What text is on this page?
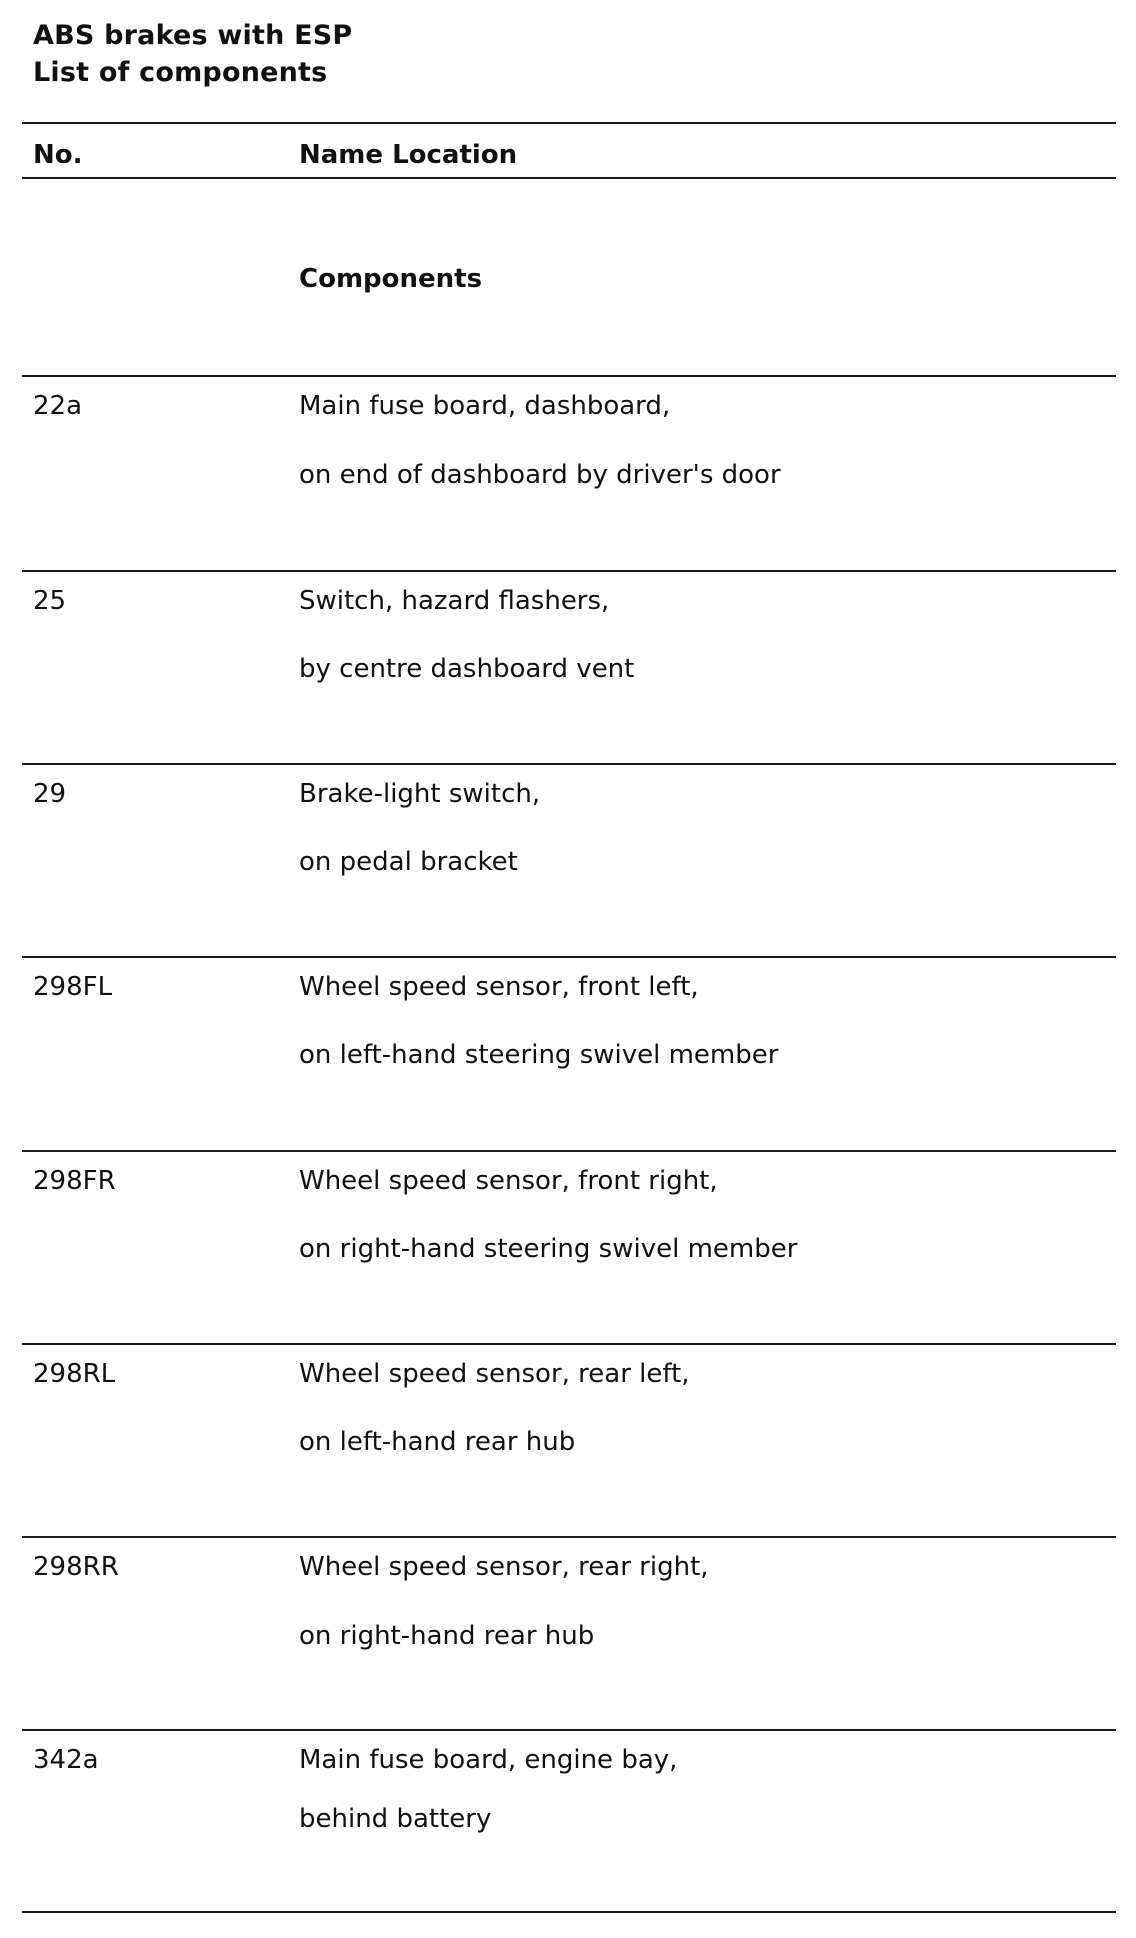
ABS brakes with ESP
List of components
No.	Name Location
Components
22a	Main fuse board, dashboard,
on end of dashboard by driver's door
25	Switch, hazard flashers,
by centre dashboard vent
29	Brake-light switch,
on pedal bracket
298FL	Wheel speed sensor, front left,
on left-hand steering swivel member
298FR	Wheel speed sensor, front right,
on right-hand steering swivel member
298RL	Wheel speed sensor, rear left,
on left-hand rear hub
298RR	Wheel speed sensor, rear right,
on right-hand rear hub
342a	Main fuse board, engine bay,
behind battery
